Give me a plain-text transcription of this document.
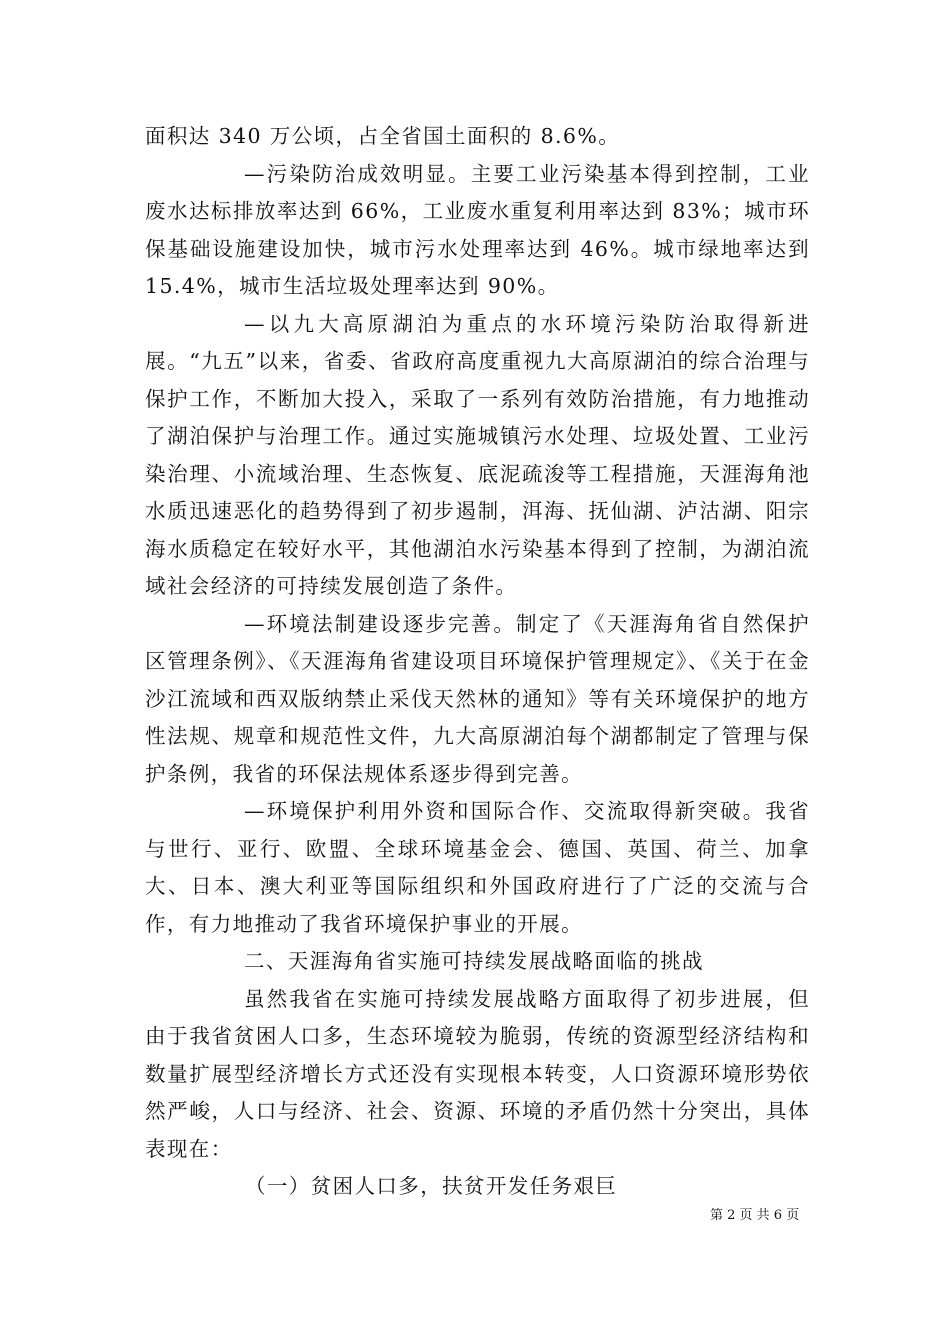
面积达 340 万公顷，占全省国土面积的 8.6%。

—污染防治成效明显。主要工业污染基本得到控制，工业废水达标排放率达到 66%，工业废水重复利用率达到 83%；城市环保基础设施建设加快，城市污水处理率达到 46%。城市绿地率达到 15.4%，城市生活垃圾处理率达到 90%。

—以九大高原湖泊为重点的水环境污染防治取得新进展。“九五”以来，省委、省政府高度重视九大高原湖泊的综合治理与保护工作，不断加大投入，采取了一系列有效防治措施，有力地推动了湖泊保护与治理工作。通过实施城镇污水处理、垃圾处置、工业污染治理、小流域治理、生态恢复、底泥疏浚等工程措施，天涯海角池水质迅速恶化的趋势得到了初步遏制，洱海、抚仙湖、泸沽湖、阳宗海水质稳定在较好水平，其他湖泊水污染基本得到了控制，为湖泊流域社会经济的可持续发展创造了条件。

—环境法制建设逐步完善。制定了《天涯海角省自然保护区管理条例》、《天涯海角省建设项目环境保护管理规定》、《关于在金沙江流域和西双版纳禁止采伐天然林的通知》等有关环境保护的地方性法规、规章和规范性文件，九大高原湖泊每个湖都制定了管理与保护条例，我省的环保法规体系逐步得到完善。

—环境保护利用外资和国际合作、交流取得新突破。我省与世行、亚行、欧盟、全球环境基金会、德国、英国、荷兰、加拿大、日本、澳大利亚等国际组织和外国政府进行了广泛的交流与合作，有力地推动了我省环境保护事业的开展。

二、天涯海角省实施可持续发展战略面临的挑战

虽然我省在实施可持续发展战略方面取得了初步进展，但由于我省贫困人口多，生态环境较为脆弱，传统的资源型经济结构和数量扩展型经济增长方式还没有实现根本转变，人口资源环境形势依然严峻，人口与经济、社会、资源、环境的矛盾仍然十分突出，具体表现在：

（一）贫困人口多，扶贫开发任务艰巨

第 2 页 共 6 页
